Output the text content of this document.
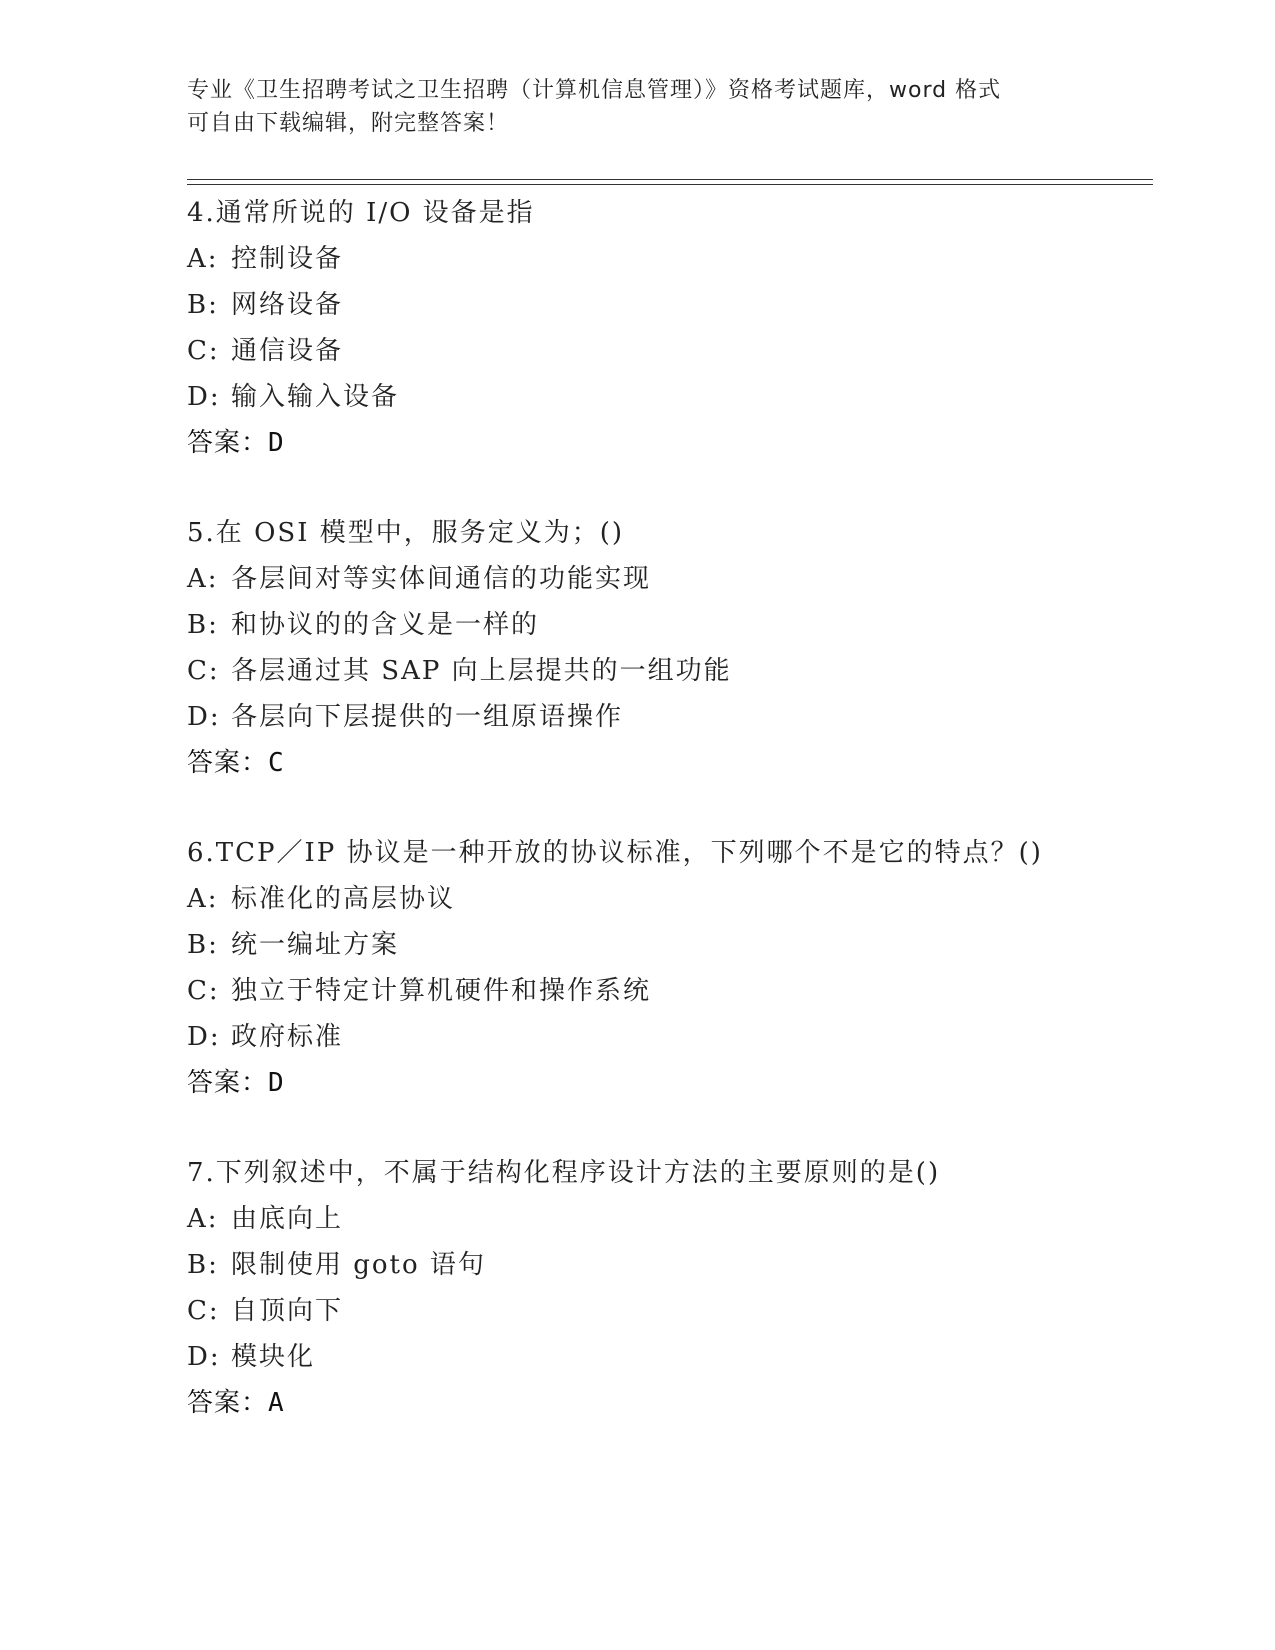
专业《卫生招聘考试之卫生招聘（计算机信息管理）》资格考试题库，word 格式
可自由下载编辑，附完整答案！
4.通常所说的 I/O 设备是指
A: 控制设备
B: 网络设备
C: 通信设备
D: 输入输入设备
答案：D
5.在 OSI 模型中，服务定义为；()
A: 各层间对等实体间通信的功能实现
B: 和协议的的含义是一样的
C: 各层通过其 SAP 向上层提共的一组功能
D: 各层向下层提供的一组原语操作
答案：C
6.TCP／IP 协议是一种开放的协议标准，下列哪个不是它的特点？()
A: 标准化的高层协议
B: 统一编址方案
C: 独立于特定计算机硬件和操作系统
D: 政府标准
答案：D
7.下列叙述中，不属于结构化程序设计方法的主要原则的是()
A: 由底向上
B: 限制使用 goto 语句
C: 自顶向下
D: 模块化
答案：A
